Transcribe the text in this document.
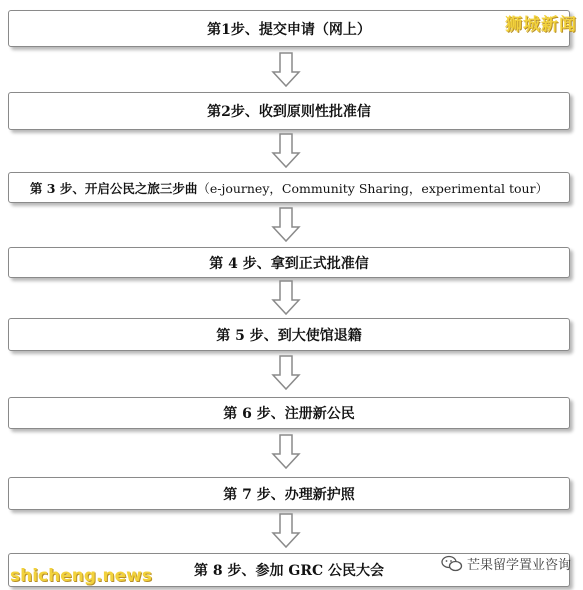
第1步、提交申请（网上）
第2步、收到原则性批准信
第 3 步、开启公民之旅三步曲 （e-journey，Community Sharing，experimental tour）
第 4 步、拿到正式批准信
第 5 步、到大使馆退籍
第 6 步、注册新公民
第 7 步、办理新护照
第 8 步、参加 GRC 公民大会
狮城新闻
shicheng.news
芒果留学置业咨询
